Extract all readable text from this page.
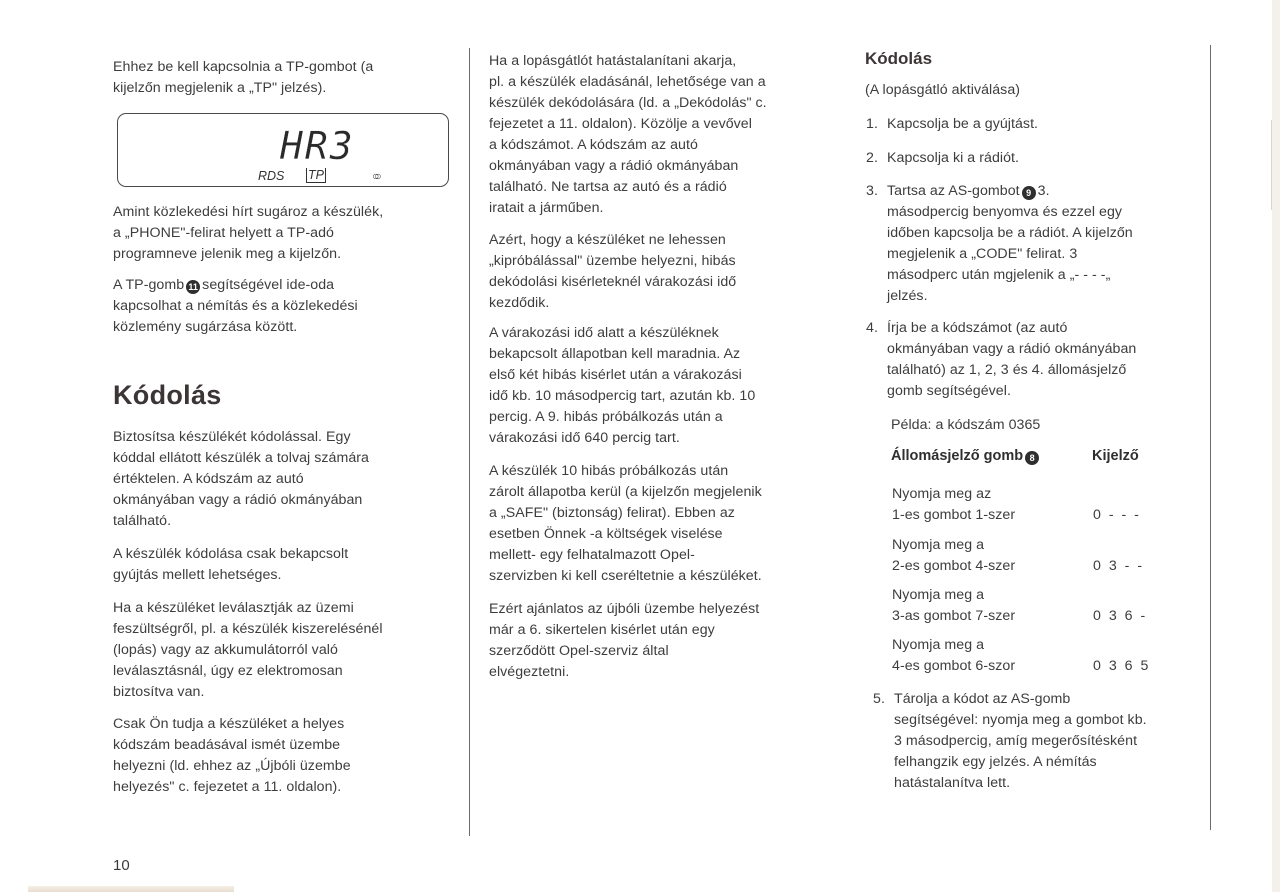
Ehhez be kell kapcsolnia a TP-gombot (a
kijelzőn megjelenik a „TP" jelzés).

HR3
RDS TP	○○

Amint közlekedési hírt sugároz a készülék,
a „PHONE"-felirat helyett a TP-adó
programneve jelenik meg a kijelzőn.

A TP-gomb 11 segítségével ide-oda
kapcsolhat a némítás és a közlekedési
közlemény sugárzása között.

Kódolás

Biztosítsa készülékét kódolással. Egy
kóddal ellátott készülék a tolvaj számára
értéktelen. A kódszám az autó
okmányában vagy a rádió okmányában
található.

A készülék kódolása csak bekapcsolt
gyújtás mellett lehetséges.

Ha a készüléket leválasztják az üzemi
feszültségről, pl. a készülék kiszerelésénél
(lopás) vagy az akkumulátorról való
leválasztásnál, úgy ez elektromosan
biztosítva van.

Csak Ön tudja a készüléket a helyes
kódszám beadásával ismét üzembe
helyezni (ld. ehhez az „Újbóli üzembe
helyezés" c. fejezetet a 11. oldalon).

10

Ha a lopásgátlót hatástalanítani akarja,
pl. a készülék eladásánál, lehetősége van a
készülék dekódolására (ld. a „Dekódolás" c.
fejezetet a 11. oldalon). Közölje a vevővel
a kódszámot. A kódszám az autó
okmányában vagy a rádió okmányában
található. Ne tartsa az autó és a rádió
iratait a járműben.

Azért, hogy a készüléket ne lehessen
„kipróbálással" üzembe helyezni, hibás
dekódolási kisérleteknél várakozási idő
kezdődik.

A várakozási idő alatt a készüléknek
bekapcsolt állapotban kell maradnia. Az
első két hibás kisérlet után a várakozási
idő kb. 10 másodpercig tart, azután kb. 10
percig. A 9. hibás próbálkozás után a
várakozási idő 640 percig tart.

A készülék 10 hibás próbálkozás után
zárolt állapotba kerül (a kijelzőn megjelenik
a „SAFE" (biztonság) felirat). Ebben az
esetben Önnek -a költségek viselése
mellett- egy felhatalmazott Opel-
szervizben ki kell cseréltetnie a készüléket.

Ezért ajánlatos az újbóli üzembe helyezést
már a 6. sikertelen kisérlet után egy
szerződött Opel-szerviz által
elvégeztetni.

Kódolás
(A lopásgátló aktiválása)
1. Kapcsolja be a gyújtást.
2. Kapcsolja ki a rádiót.
3. Tartsa az AS-gombot 9 3.
másodpercig benyomva és ezzel egy
időben kapcsolja be a rádiót. A kijelzőn
megjelenik a „CODE" felirat. 3
másodperc után mgjelenik a „- - - -„
jelzés.
4. Írja be a kódszámot (az autó
okmányában vagy a rádió okmányában
található) az 1, 2, 3 és 4. állomásjelző
gomb segítségével.
Példa: a kódszám 0365
Állomásjelző gomb 8	Kijelző
Nyomja meg az
1-es gombot 1-szer	0 - - -
Nyomja meg a
2-es gombot 4-szer	0 3 - -
Nyomja meg a
3-as gombot 7-szer	0 3 6 -
Nyomja meg a
4-es gombot 6-szor	0 3 6 5
5. Tárolja a kódot az AS-gomb
segítségével: nyomja meg a gombot kb.
3 másodpercig, amíg megerősítésként
felhangzik egy jelzés. A némítás
hatástalanítva lett.
